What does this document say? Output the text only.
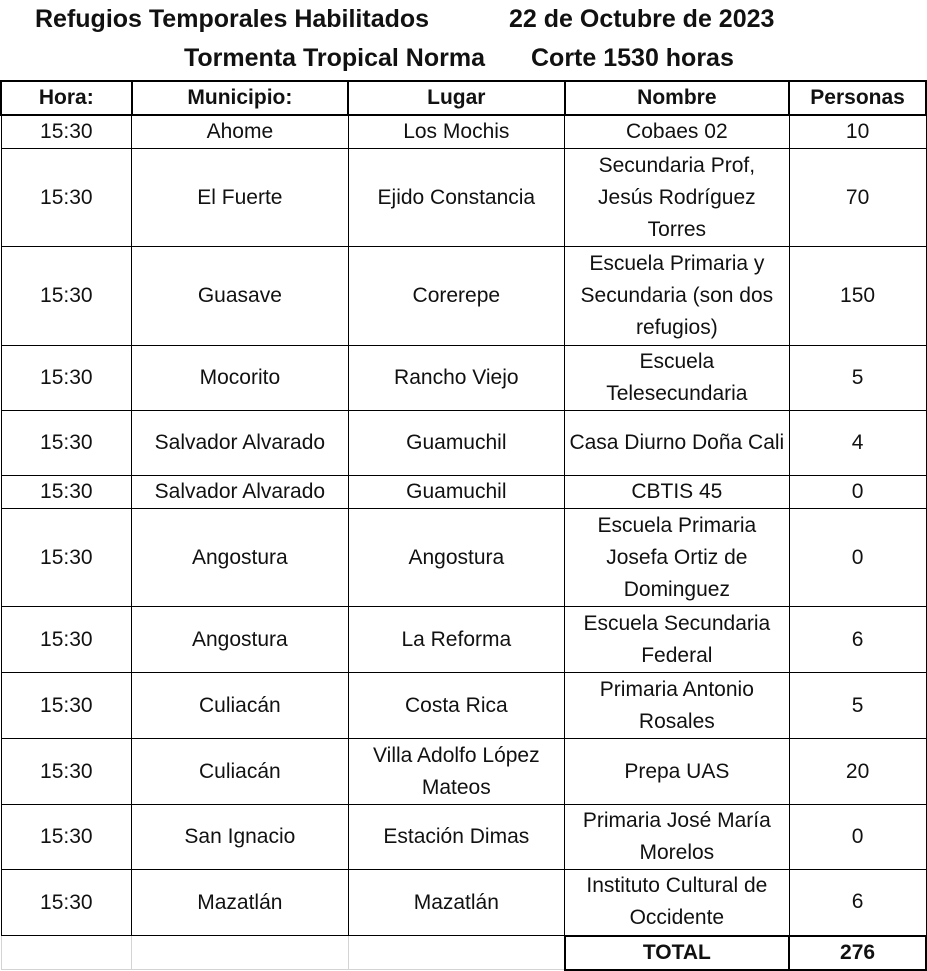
Refugios Temporales Habilitados	22 de Octubre de 2023
Tormenta Tropical Norma Corte 1530 horas
Hora:	Municipio:	Lugar	Nombre	Personas
15:30	Ahome	Los Mochis	Cobaes 02	10
15:30	El Fuerte	Ejido Constancia	Secundaria Prof, Jesús Rodríguez Torres	70
15:30	Guasave	Corerepe	Escuela Primaria y Secundaria (son dos refugios)	150
15:30	Mocorito	Rancho Viejo	Escuela Telesecundaria	5
15:30	Salvador Alvarado	Guamuchil	Casa Diurno Doña Cali	4
15:30	Salvador Alvarado	Guamuchil	CBTIS 45	0
15:30	Angostura	Angostura	Escuela Primaria Josefa Ortiz de Dominguez	0
15:30	Angostura	La Reforma	Escuela Secundaria Federal	6
15:30	Culiacán	Costa Rica	Primaria Antonio Rosales	5
15:30	Culiacán	Villa Adolfo López Mateos	Prepa UAS	20
15:30	San Ignacio	Estación Dimas	Primaria José María Morelos	0
15:30	Mazatlán	Mazatlán	Instituto Cultural de Occidente	6
			TOTAL	276
